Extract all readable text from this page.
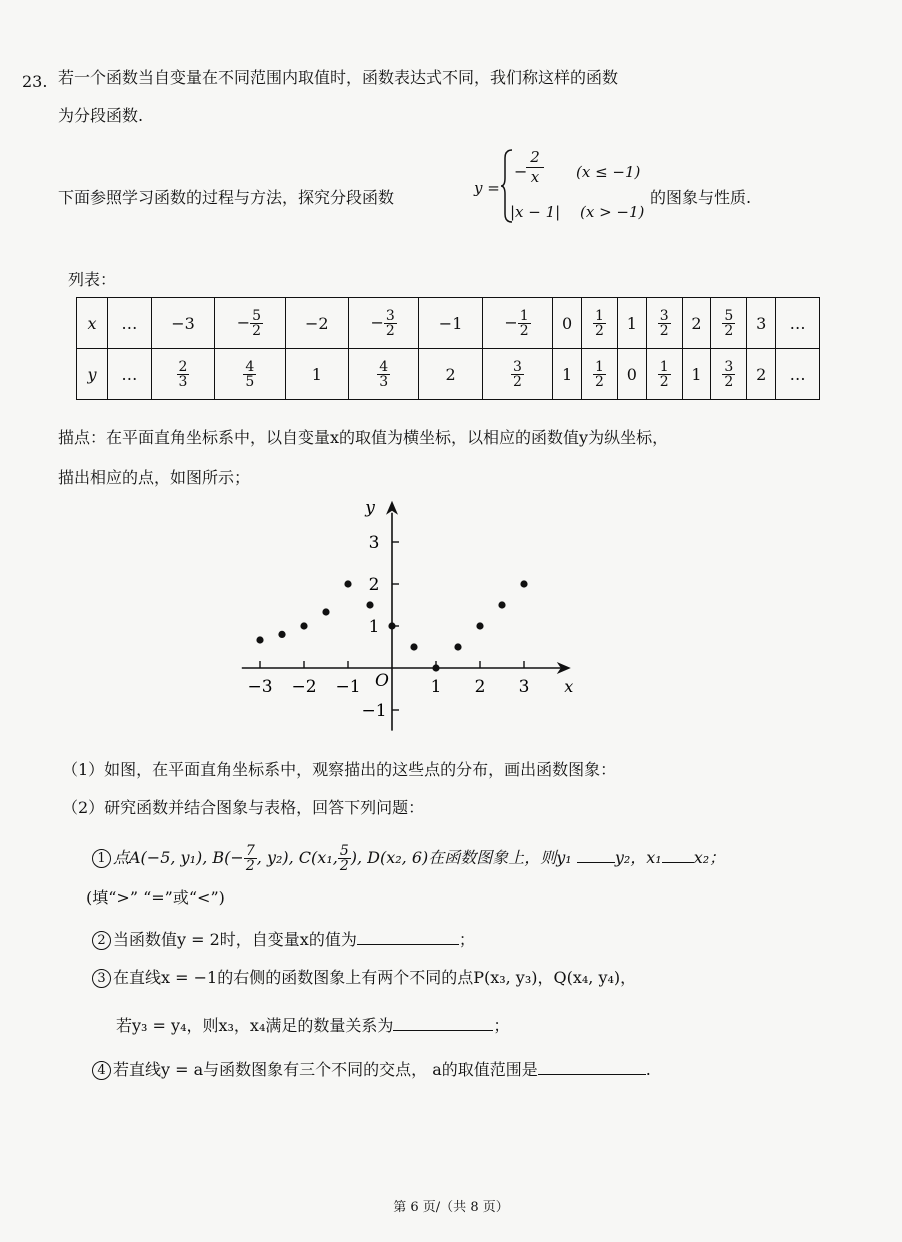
23. 若一个函数当自变量在不同范围内取值时，函数表达式不同，我们称这样的函数
为分段函数.
下面参照学习函数的过程与方法，探究分段函数	y =
−
$\frac{2}{x} (x \le -1)$
|x − 1| (x > −1)
的图象与性质.
列表：
x	…	−3	− $\frac{5}{2}$	−2	− $\frac{3}{2}$	−1	− $\frac{1}{2}$	0	$\frac{1}{2}$	1	$\frac{3}{2}$	2	$\frac{5}{2}$	3	…
y	…	$\frac{2}{3}$	$\frac{4}{5}$	1	$\frac{4}{3}$	2	$\frac{3}{2}$	1	$\frac{1}{2}$	0	$\frac{1}{2}$	1	$\frac{3}{2}$	2	…
描点：在平面直角坐标系中，以自变量x的取值为横坐标，以相应的函数值y为纵坐标，
描出相应的点，如图所示；
−3 −2 −1	1 2 3
−1
1
2
3
x
y
O
（1）如图，在平面直角坐标系中，观察描出的这些点的分布，画出函数图象：
（2）研究函数并结合图象与表格，回答下列问题：
1 点A(−5, y₁), $B(- \frac{7}{2}$ , y₂), C(x₁, $\frac{5}{2}$ ), D(x₂, 6)在函数图象上，则y₁	y₂，x₁ x₂；
(填“>” “=”或“<”)
2 当函数值y = 2时，自变量x的值为	；
3 在直线x = −1的右侧的函数图象上有两个不同的点P(x₃, y₃)，Q(x₄, y₄)，
若y₃ = y₄，则x₃，x₄满足的数量关系为	；
4 若直线y = a与函数图象有三个不同的交点， a的取值范围是	.
第 6 页/（共 8 页）
